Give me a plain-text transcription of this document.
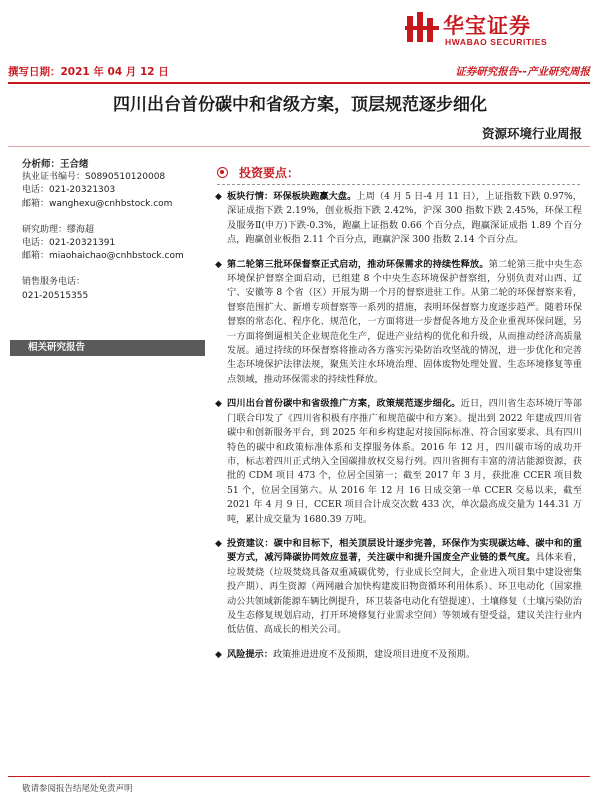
华宝证券
HWABAO SECURITIES
撰写日期：2021 年 04 月 12 日	证券研究报告--产业研究周报
四川出台首份碳中和省级方案，顶层规范逐步细化
资源环境行业周报
分析师：王合绪
执业证书编号：S0890510120008
电话：021-20321303
邮箱：wanghexu@cnhbstock.com
研究助理：缪海超
电话：021-20321391
邮箱：miaohaichao@cnhbstock.com
销售服务电话：
021-20515355
相关研究报告
投资要点：
◆ 板块行情：环保板块跑赢大盘。上周（4 月 5 日-4 月 11 日），上证指数下跌 0.97%，深证成指下跌 2.19%，创业板指下跌 2.42%，沪深 300 指数下跌 2.45%，环保工程及服务Ⅱ(申万)下跌-0.3%，跑赢上证指数 0.66 个百分点，跑赢深证成指 1.89 个百分点，跑赢创业板指 2.11 个百分点，跑赢沪深 300 指数 2.14 个百分点。
◆ 第二轮第三批环保督察正式启动，推动环保需求的持续性释放。第二轮第三批中央生态环境保护督察全面启动，已组建 8 个中央生态环境保护督察组，分别负责对山西、辽宁、安徽等 8 个省（区）开展为期一个月的督察进驻工作。从第二轮的环保督察来看，督察范围扩大、新增专项督察等一系列的措施，表明环保督察力度逐步趋严。随着环保督察的常态化、程序化、规范化，一方面将进一步督促各地方及企业重视环保问题，另一方面将倒逼相关企业规范化生产，促进产业结构的优化和升级，从而推动经济高质量发展。通过持续的环保督察将推动各方落实污染防治攻坚战的情况，进一步优化和完善生态环境保护法律法规，聚焦关注水环境治理、固体废物处理处置、生态环境修复等重点领域，推动环保需求的持续性释放。
◆ 四川出台首份碳中和省级推广方案，政策规范逐步细化。近日，四川省生态环境厅等部门联合印发了《四川省积极有序推广和规范碳中和方案》。提出到 2022 年建成四川省碳中和创新服务平台，到 2025 年和乡构建起对接国际标准、符合国家要求、具有四川特色的碳中和政策标准体系和支撑服务体系。2016 年 12 月，四川碳市场的成功开市，标志着四川正式纳入全国碳排放权交易行列。四川省拥有丰富的清洁能源资源，获批的 CDM 项目 473 个，位居全国第一；截至 2017 年 3 月，获批准 CCER 项目数 51 个，位居全国第六。从 2016 年 12 月 16 日成交第一单 CCER 交易以来，截至 2021 年 4 月 9 日，CCER 项目合计成交次数 433 次，单次最高成交量为 144.31 万吨，累计成交量为 1680.39 万吨。
◆ 投资建议：碳中和目标下，相关顶层设计逐步完善，环保作为实现碳达峰、碳中和的重要方式，减污降碳协同效应显著，关注碳中和提升国废全产业链的景气度。具体来看，垃圾焚烧（垃圾焚烧具备双重减碳优势，行业成长空间大，企业进入项目集中建设密集投产期）、再生资源（两网融合加快构建废旧物资循环利用体系）、环卫电动化（国家推动公共领域新能源车辆比例提升，环卫装备电动化有望提速）、土壤修复（土壤污染防治及生态修复规划启动，打开环境修复行业需求空间）等领域有望受益，建议关注行业内低估值、高成长的相关公司。
◆ 风险提示：政策推进进度不及预期，建设项目进度不及预期。
敬请参阅报告结尾处免责声明
